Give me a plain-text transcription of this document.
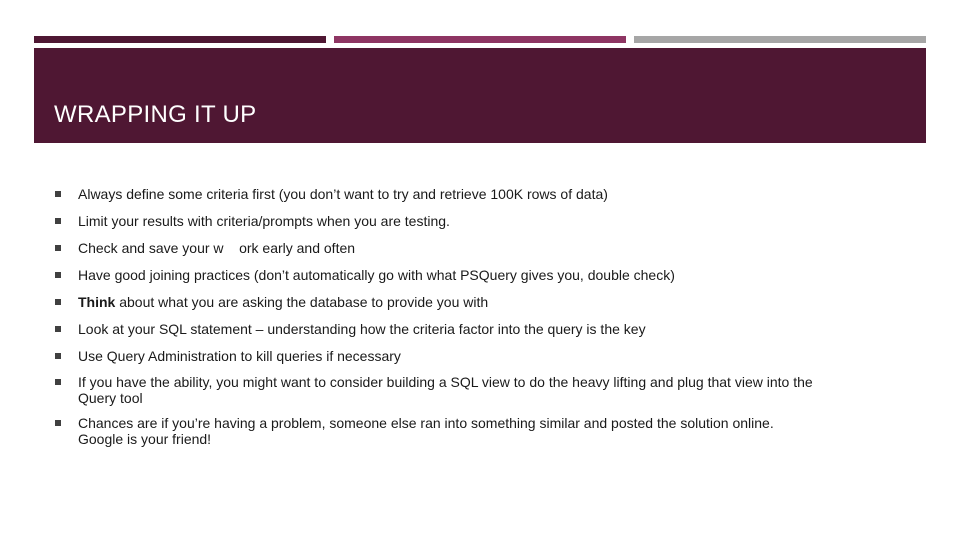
WRAPPING IT UP
Always define some criteria first (you don’t want to try and retrieve 100K rows of data)
Limit your results with criteria/prompts when you are testing.
Check and save your w    ork early and often
Have good joining practices (don’t automatically go with what PSQuery gives you, double check)
Think about what you are asking the database to provide you with
Look at your SQL statement – understanding how the criteria factor into the query is the key
Use Query Administration to kill queries if necessary
If you have the ability, you might want to consider building a SQL view to do the heavy lifting and plug that view into the Query tool
Chances are if you’re having a problem, someone else ran into something similar and posted the solution online.  Google is your friend!
